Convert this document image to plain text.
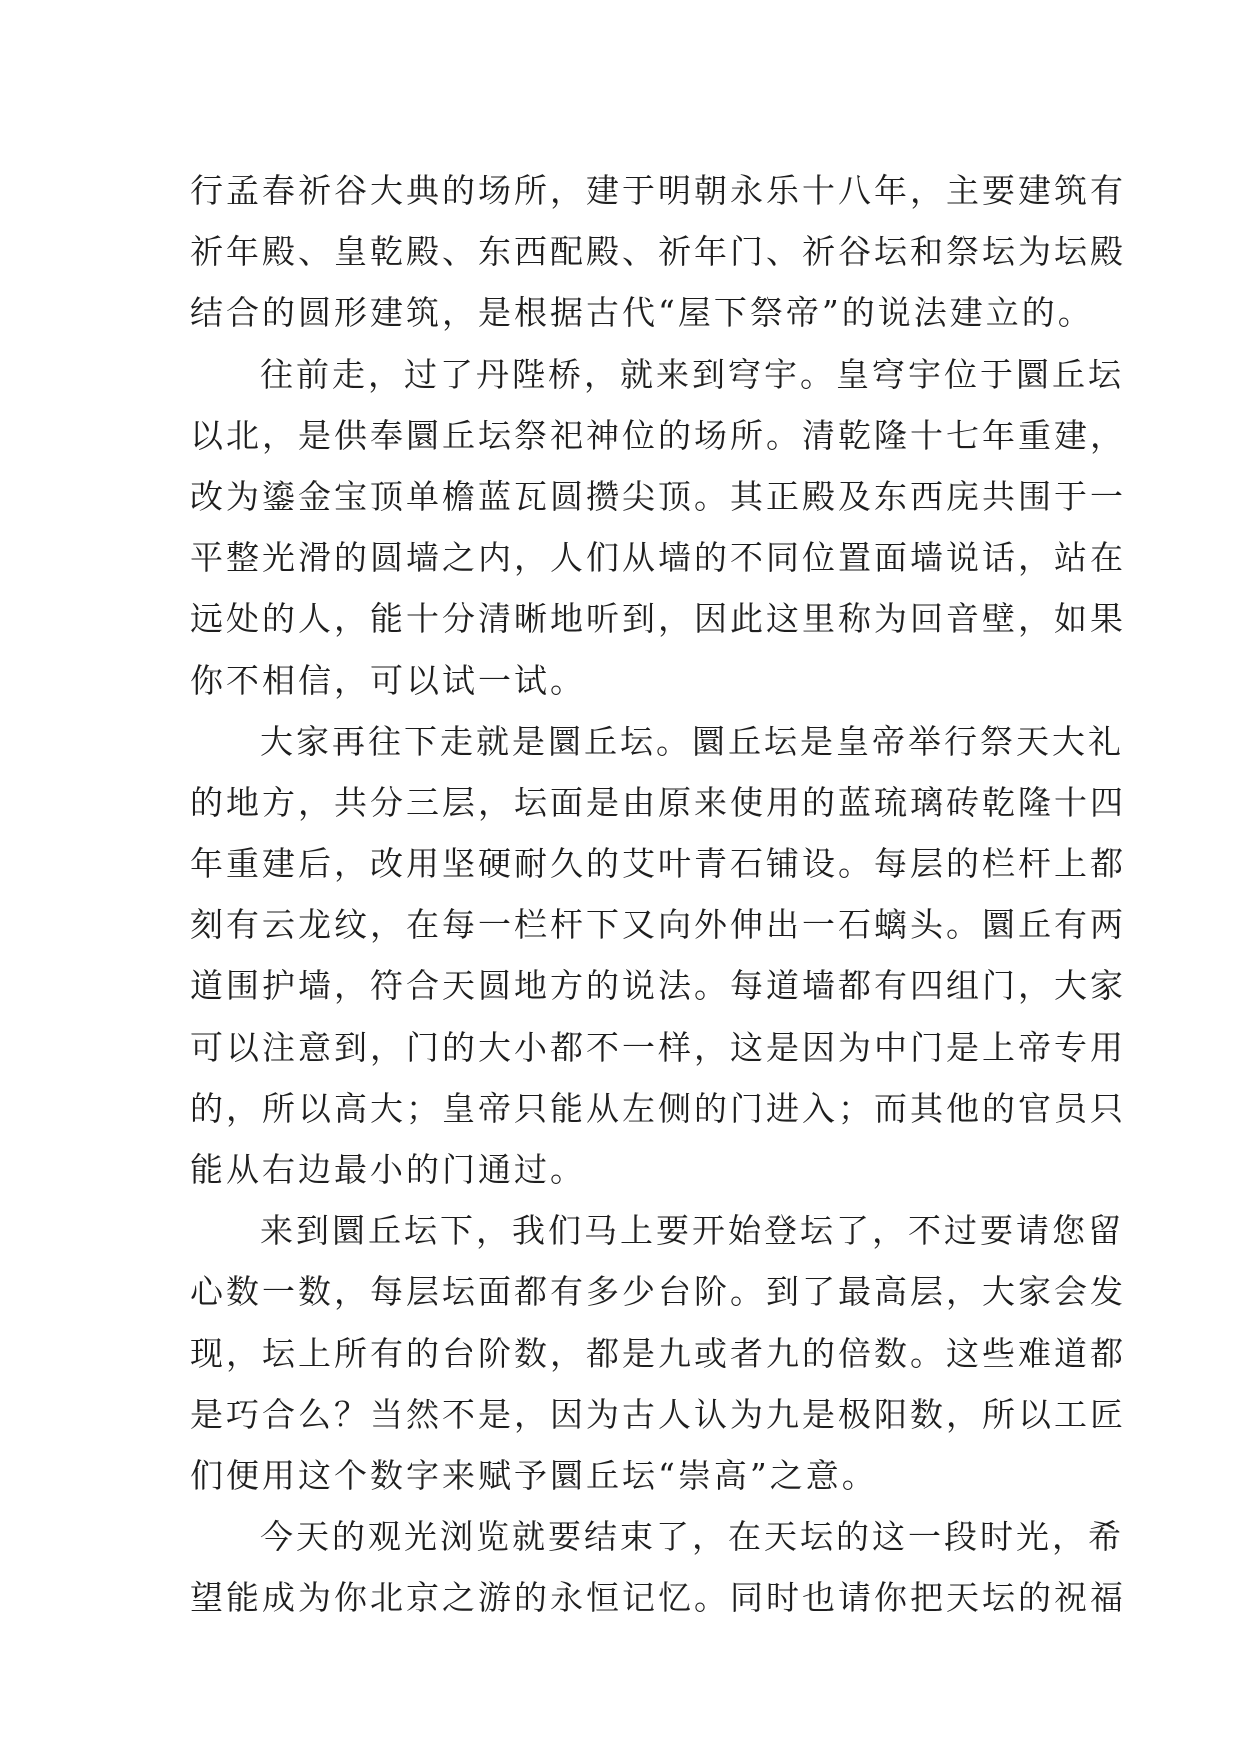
行孟春祈谷大典的场所，建于明朝永乐十八年，主要建筑有
祈年殿、皇乾殿、东西配殿、祈年门、祈谷坛和祭坛为坛殿
结合的圆形建筑，是根据古代“屋下祭帝”的说法建立的。
往前走，过了丹陛桥，就来到穹宇。皇穹宇位于圜丘坛
以北，是供奉圜丘坛祭祀神位的场所。清乾隆十七年重建，
改为鎏金宝顶单檐蓝瓦圆攒尖顶。其正殿及东西庑共围于一
平整光滑的圆墙之内，人们从墙的不同位置面墙说话，站在
远处的人，能十分清晰地听到，因此这里称为回音壁，如果
你不相信，可以试一试。
大家再往下走就是圜丘坛。圜丘坛是皇帝举行祭天大礼
的地方，共分三层，坛面是由原来使用的蓝琉璃砖乾隆十四
年重建后，改用坚硬耐久的艾叶青石铺设。每层的栏杆上都
刻有云龙纹，在每一栏杆下又向外伸出一石螭头。圜丘有两
道围护墙，符合天圆地方的说法。每道墙都有四组门，大家
可以注意到，门的大小都不一样，这是因为中门是上帝专用
的，所以高大；皇帝只能从左侧的门进入；而其他的官员只
能从右边最小的门通过。
来到圜丘坛下，我们马上要开始登坛了，不过要请您留
心数一数，每层坛面都有多少台阶。到了最高层，大家会发
现，坛上所有的台阶数，都是九或者九的倍数。这些难道都
是巧合么？当然不是，因为古人认为九是极阳数，所以工匠
们便用这个数字来赋予圜丘坛“崇高”之意。
今天的观光浏览就要结束了，在天坛的这一段时光，希
望能成为你北京之游的永恒记忆。同时也请你把天坛的祝福
